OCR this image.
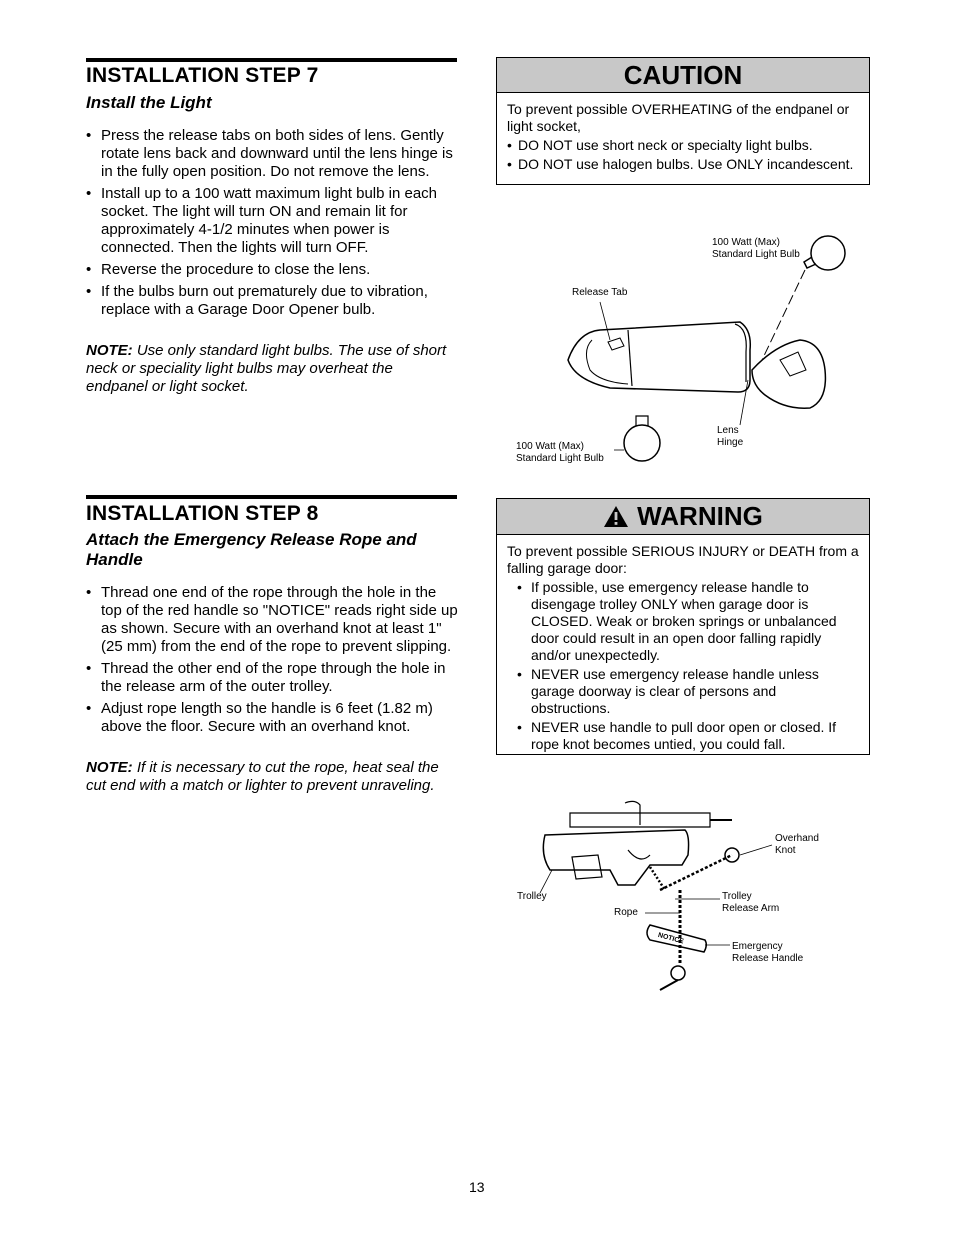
INSTALLATION STEP 7
Install the Light
• Press the release tabs on both sides of lens. Gently rotate lens back and downward until the lens hinge is in the fully open position. Do not remove the lens.
• Install up to a 100 watt maximum light bulb in each socket. The light will turn ON and remain lit for approximately 4-1/2 minutes when power is connected. Then the lights will turn OFF.
• Reverse the procedure to close the lens.
• If the bulbs burn out prematurely due to vibration, replace with a Garage Door Opener bulb.
NOTE: Use only standard light bulbs. The use of short neck or speciality light bulbs may overheat the endpanel or light socket.
CAUTION
To prevent possible OVERHEATING of the endpanel or light socket,
• DO NOT use short neck or specialty light bulbs.
• DO NOT use halogen bulbs. Use ONLY incandescent.
100 Watt (Max)
Standard Light Bulb
Release Tab
Lens
Hinge
100 Watt (Max)
Standard Light Bulb
INSTALLATION STEP 8
Attach the Emergency Release Rope and Handle
• Thread one end of the rope through the hole in the top of the red handle so "NOTICE" reads right side up as shown. Secure with an overhand knot at least 1" (25 mm) from the end of the rope to prevent slipping.
• Thread the other end of the rope through the hole in the release arm of the outer trolley.
• Adjust rope length so the handle is 6 feet (1.82 m) above the floor. Secure with an overhand knot.
NOTE: If it is necessary to cut the rope, heat seal the cut end with a match or lighter to prevent unraveling.
WARNING
To prevent possible SERIOUS INJURY or DEATH from a falling garage door:
• If possible, use emergency release handle to disengage trolley ONLY when garage door is CLOSED. Weak or broken springs or unbalanced door could result in an open door falling rapidly and/or unexpectedly.
• NEVER use emergency release handle unless garage doorway is clear of persons and obstructions.
• NEVER use handle to pull door open or closed. If rope knot becomes untied, you could fall.
NOTICE
Overhand
Knot
Trolley	Trolley
Release Arm
Rope
Emergency
Release Handle
13
